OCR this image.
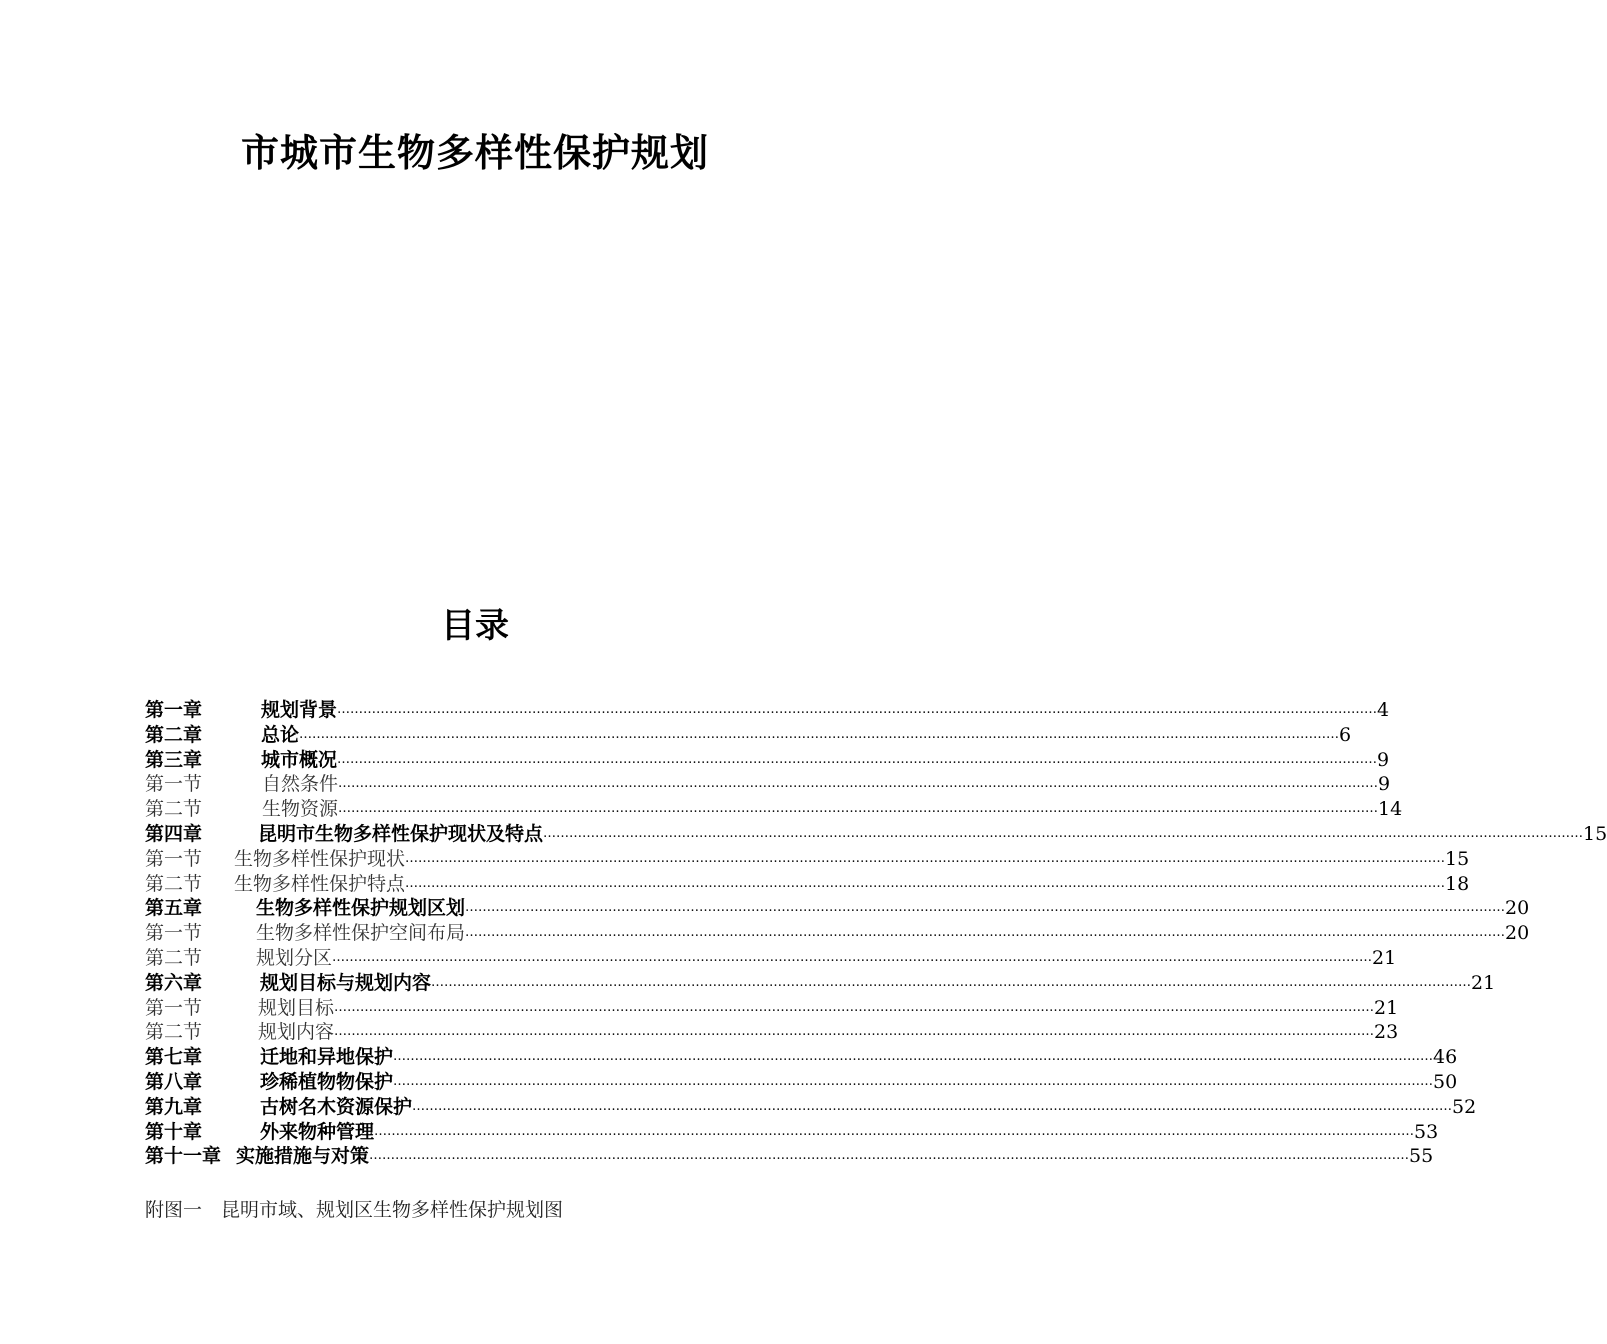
市城市生物多样性保护规划
目录
第一章	规划背景 …………………………………………………………………………………………………………………………………………………………………………………………………………………… 4
第二章	总论 …………………………………………………………………………………………………………………………………………………………………………………………………………………… 6
第三章	城市概况 …………………………………………………………………………………………………………………………………………………………………………………………………………………… 9
第一节	自然条件 …………………………………………………………………………………………………………………………………………………………………………………………………………………… 9
第二节	生物资源 …………………………………………………………………………………………………………………………………………………………………………………………………………………… 14
第四章	昆明市生物多样性保护现状及特点 …………………………………………………………………………………………………………………………………………………………………………………………………………………… 15
第一节	生物多样性保护现状 …………………………………………………………………………………………………………………………………………………………………………………………………………………… 15
第二节	生物多样性保护特点 …………………………………………………………………………………………………………………………………………………………………………………………………………………… 18
第五章	生物多样性保护规划区划 …………………………………………………………………………………………………………………………………………………………………………………………………………………… 20
第一节	生物多样性保护空间布局 …………………………………………………………………………………………………………………………………………………………………………………………………………………… 20
第二节	规划分区 …………………………………………………………………………………………………………………………………………………………………………………………………………………… 21
第六章	规划目标与规划内容 …………………………………………………………………………………………………………………………………………………………………………………………………………………… 21
第一节	规划目标 …………………………………………………………………………………………………………………………………………………………………………………………………………………… 21
第二节	规划内容 …………………………………………………………………………………………………………………………………………………………………………………………………………………… 23
第七章	迁地和异地保护 …………………………………………………………………………………………………………………………………………………………………………………………………………………… 46
第八章	珍稀植物物保护 …………………………………………………………………………………………………………………………………………………………………………………………………………………… 50
第九章	古树名木资源保护 …………………………………………………………………………………………………………………………………………………………………………………………………………………… 52
第十章	外来物种管理 …………………………………………………………………………………………………………………………………………………………………………………………………………………… 53
第十一章 实施措施与对策 …………………………………………………………………………………………………………………………………………………………………………………………………………………… 55
附图一　昆明市域、规划区生物多样性保护规划图
